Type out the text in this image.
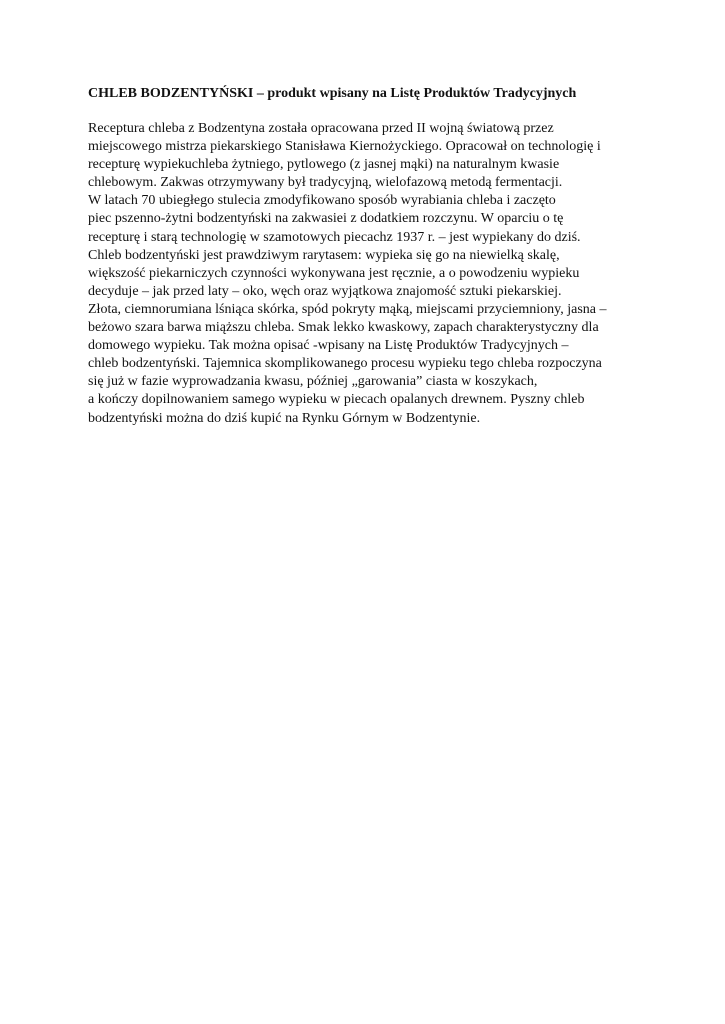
CHLEB BODZENTYŃSKI – produkt wpisany na Listę Produktów Tradycyjnych
Receptura chleba z Bodzentyna została opracowana przed II wojną światową przez
miejscowego mistrza piekarskiego Stanisława Kiernożyckiego. Opracował on technologię i
recepturę wypiekuchleba żytniego, pytlowego (z jasnej mąki) na naturalnym kwasie
chlebowym. Zakwas otrzymywany był tradycyjną, wielofazową metodą fermentacji.
W latach 70 ubiegłego stulecia zmodyfikowano sposób wyrabiania chleba i zaczęto
piec pszenno-żytni bodzentyński na zakwasiei z dodatkiem rozczynu. W oparciu o tę
recepturę i starą technologię w szamotowych piecachz 1937 r. – jest wypiekany do dziś.
Chleb bodzentyński jest prawdziwym rarytasem: wypieka się go na niewielką skalę,
większość piekarniczych czynności wykonywana jest ręcznie, a o powodzeniu wypieku
decyduje – jak przed laty – oko, węch oraz wyjątkowa znajomość sztuki piekarskiej.
Złota, ciemnorumiana lśniąca skórka, spód pokryty mąką, miejscami przyciemniony, jasna –
beżowo szara barwa miąższu chleba. Smak lekko kwaskowy, zapach charakterystyczny dla
domowego wypieku. Tak można opisać -wpisany na Listę Produktów Tradycyjnych –
chleb bodzentyński. Tajemnica skomplikowanego procesu wypieku tego chleba rozpoczyna
się już w fazie wyprowadzania kwasu, później „garowania” ciasta w koszykach,
a kończy dopilnowaniem samego wypieku w piecach opalanych drewnem. Pyszny chleb
bodzentyński można do dziś kupić na Rynku Górnym w Bodzentynie.
